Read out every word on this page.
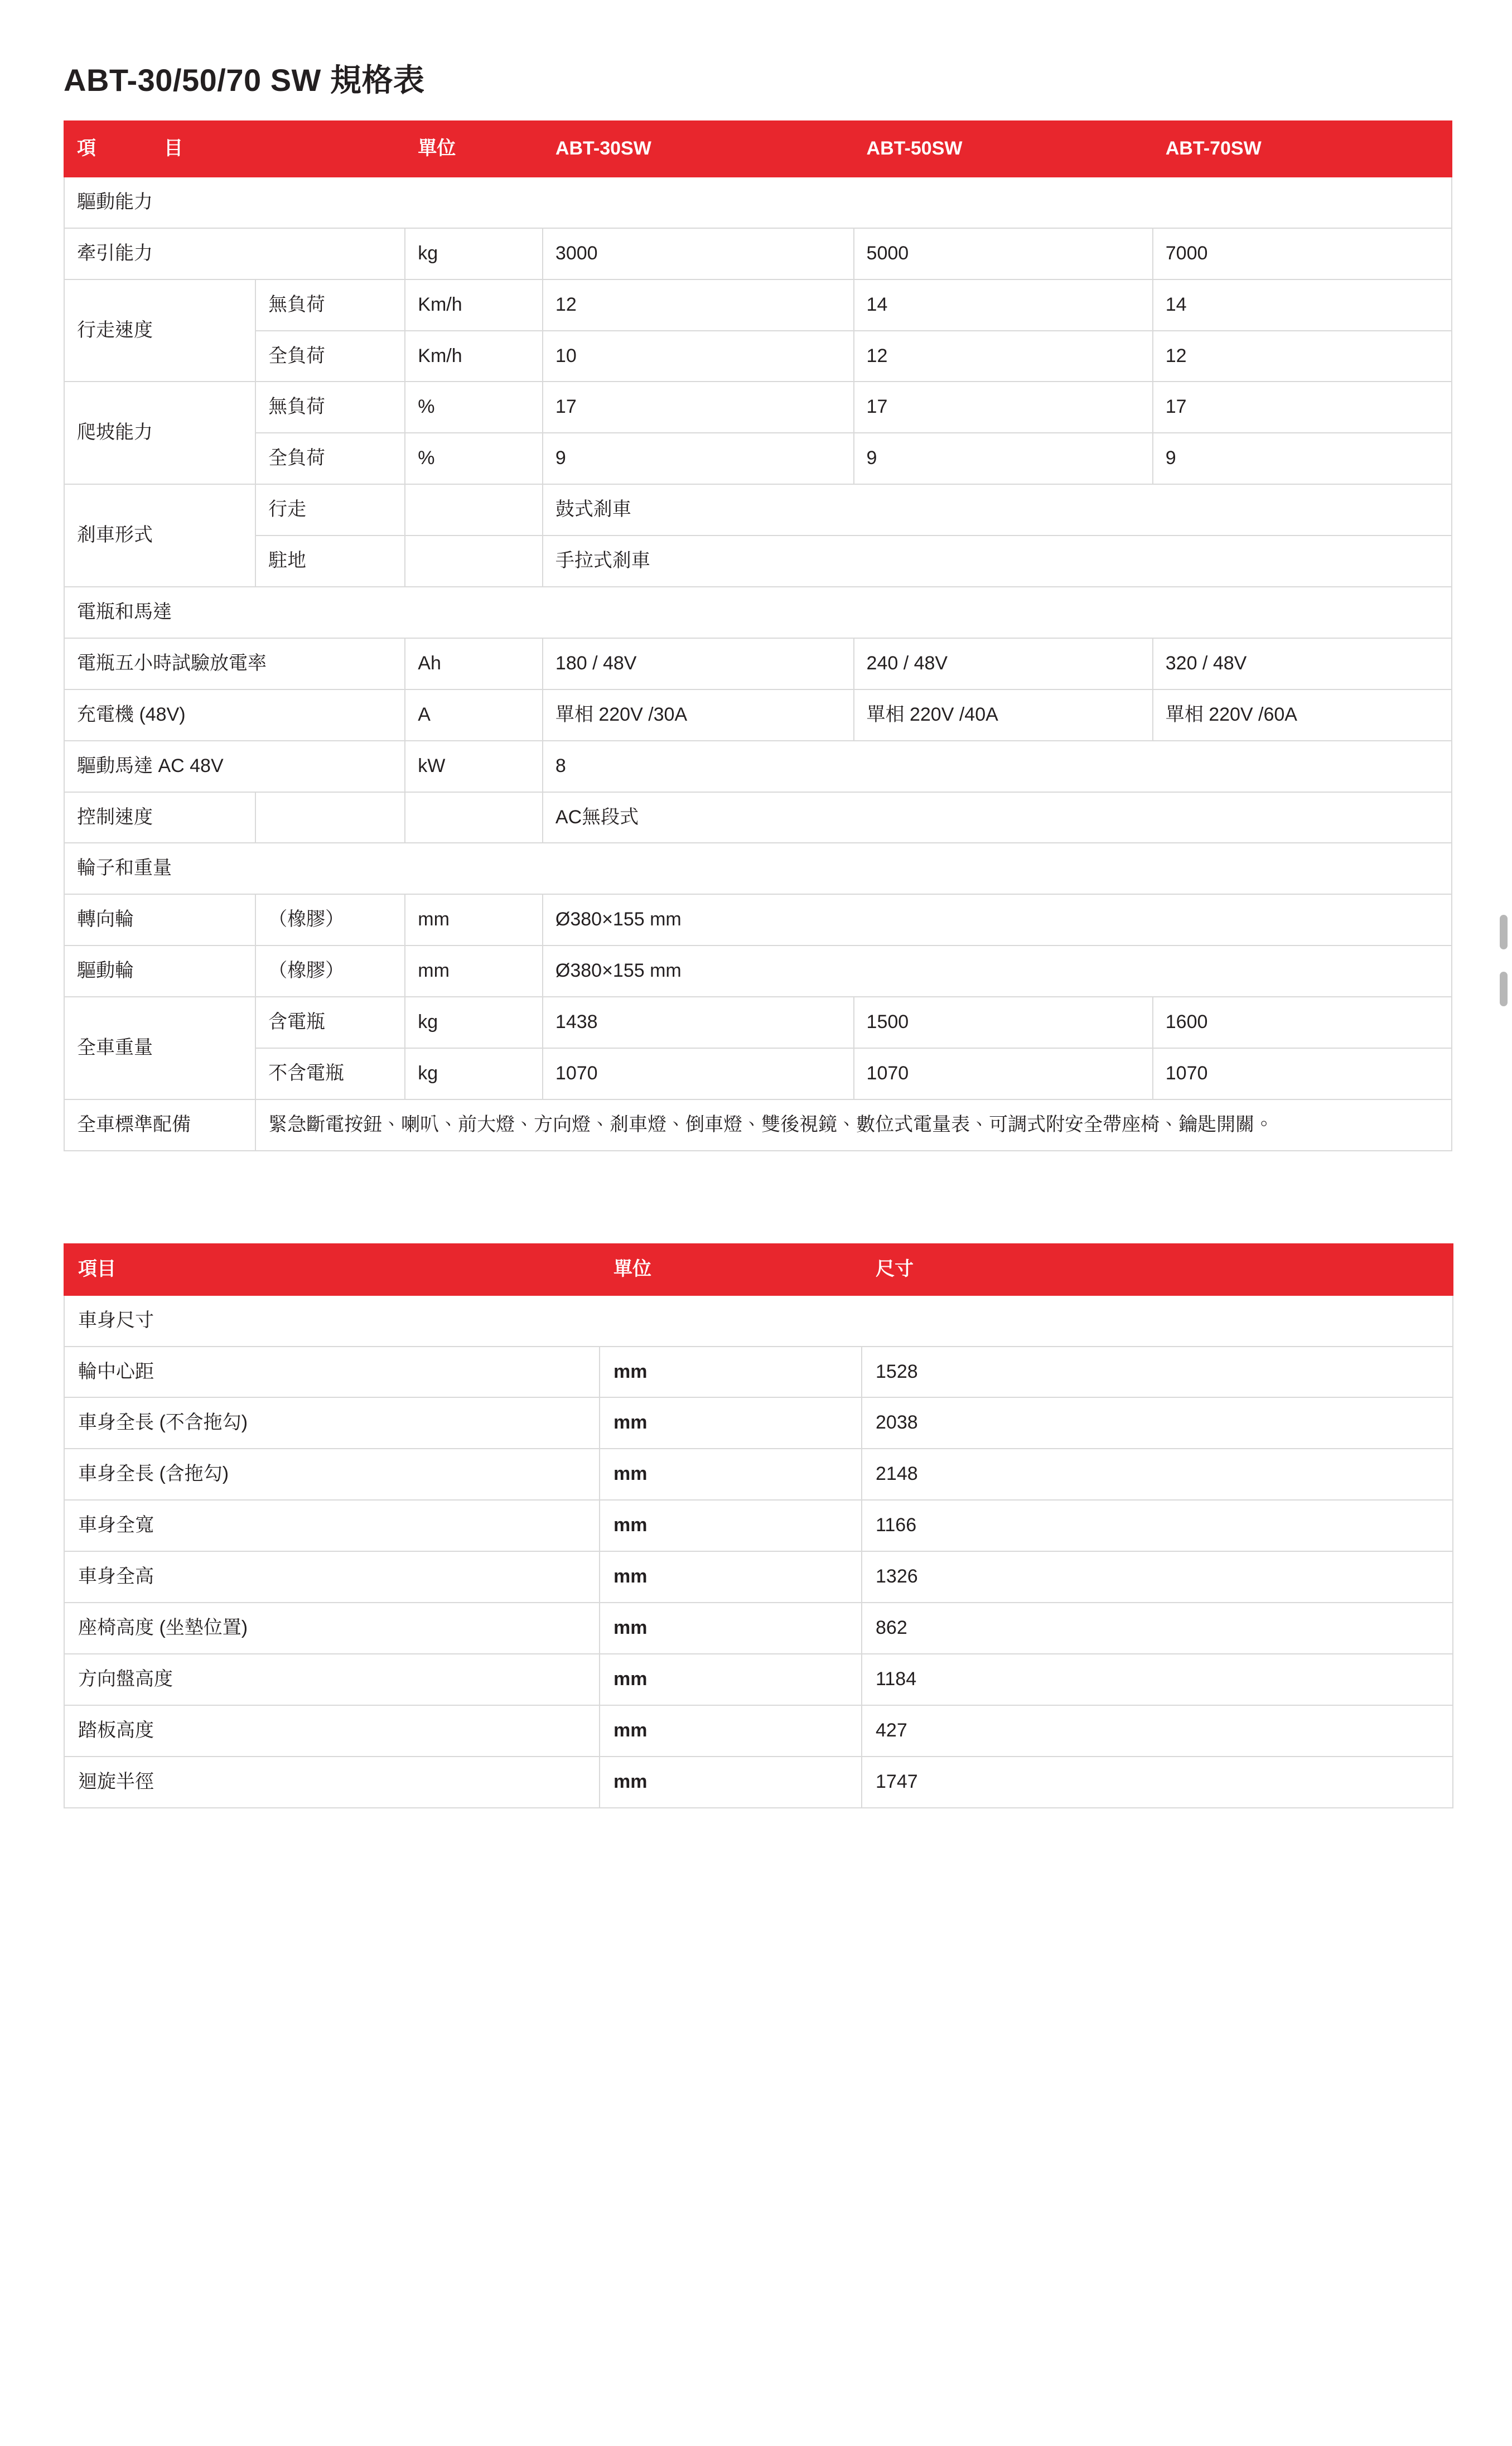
ABT-30/50/70 SW 規格表
項　　目		單位	ABT-30SW	ABT-50SW	ABT-70SW
驅動能力					
牽引能力		kg	3000	5000	7000
行走速度	無負荷	Km/h	12	14	14
	全負荷	Km/h	10	12	12
爬坡能力	無負荷	%	17	17	17
	全負荷	%	9	9	9
剎車形式	行走		鼓式剎車		
	駐地		手拉式剎車		
電瓶和馬達					
電瓶五小時試驗放電率		Ah	180 / 48V	240 / 48V	320 / 48V
充電機 (48V)		A	單相 220V /30A	單相 220V /40A	單相 220V /60A
驅動馬達 AC 48V		kW	8		
控制速度			AC無段式		
輪子和重量					
轉向輪	（橡膠）	mm	Ø380×155 mm		
驅動輪	（橡膠）	mm	Ø380×155 mm		
全車重量	含電瓶	kg	1438	1500	1600
	不含電瓶	kg	1070	1070	1070
全車標準配備	緊急斷電按鈕、喇叭、前大燈、方向燈、剎車燈、倒車燈、雙後視鏡、數位式電量表、可調式附安全帶座椅、鑰匙開關。				
項目	單位	尺寸
車身尺寸		
輪中心距	mm	1528
車身全長 (不含拖勾)	mm	2038
車身全長 (含拖勾)	mm	2148
車身全寬	mm	1166
車身全高	mm	1326
座椅高度 (坐墊位置)	mm	862
方向盤高度	mm	1184
踏板高度	mm	427
迴旋半徑	mm	1747
